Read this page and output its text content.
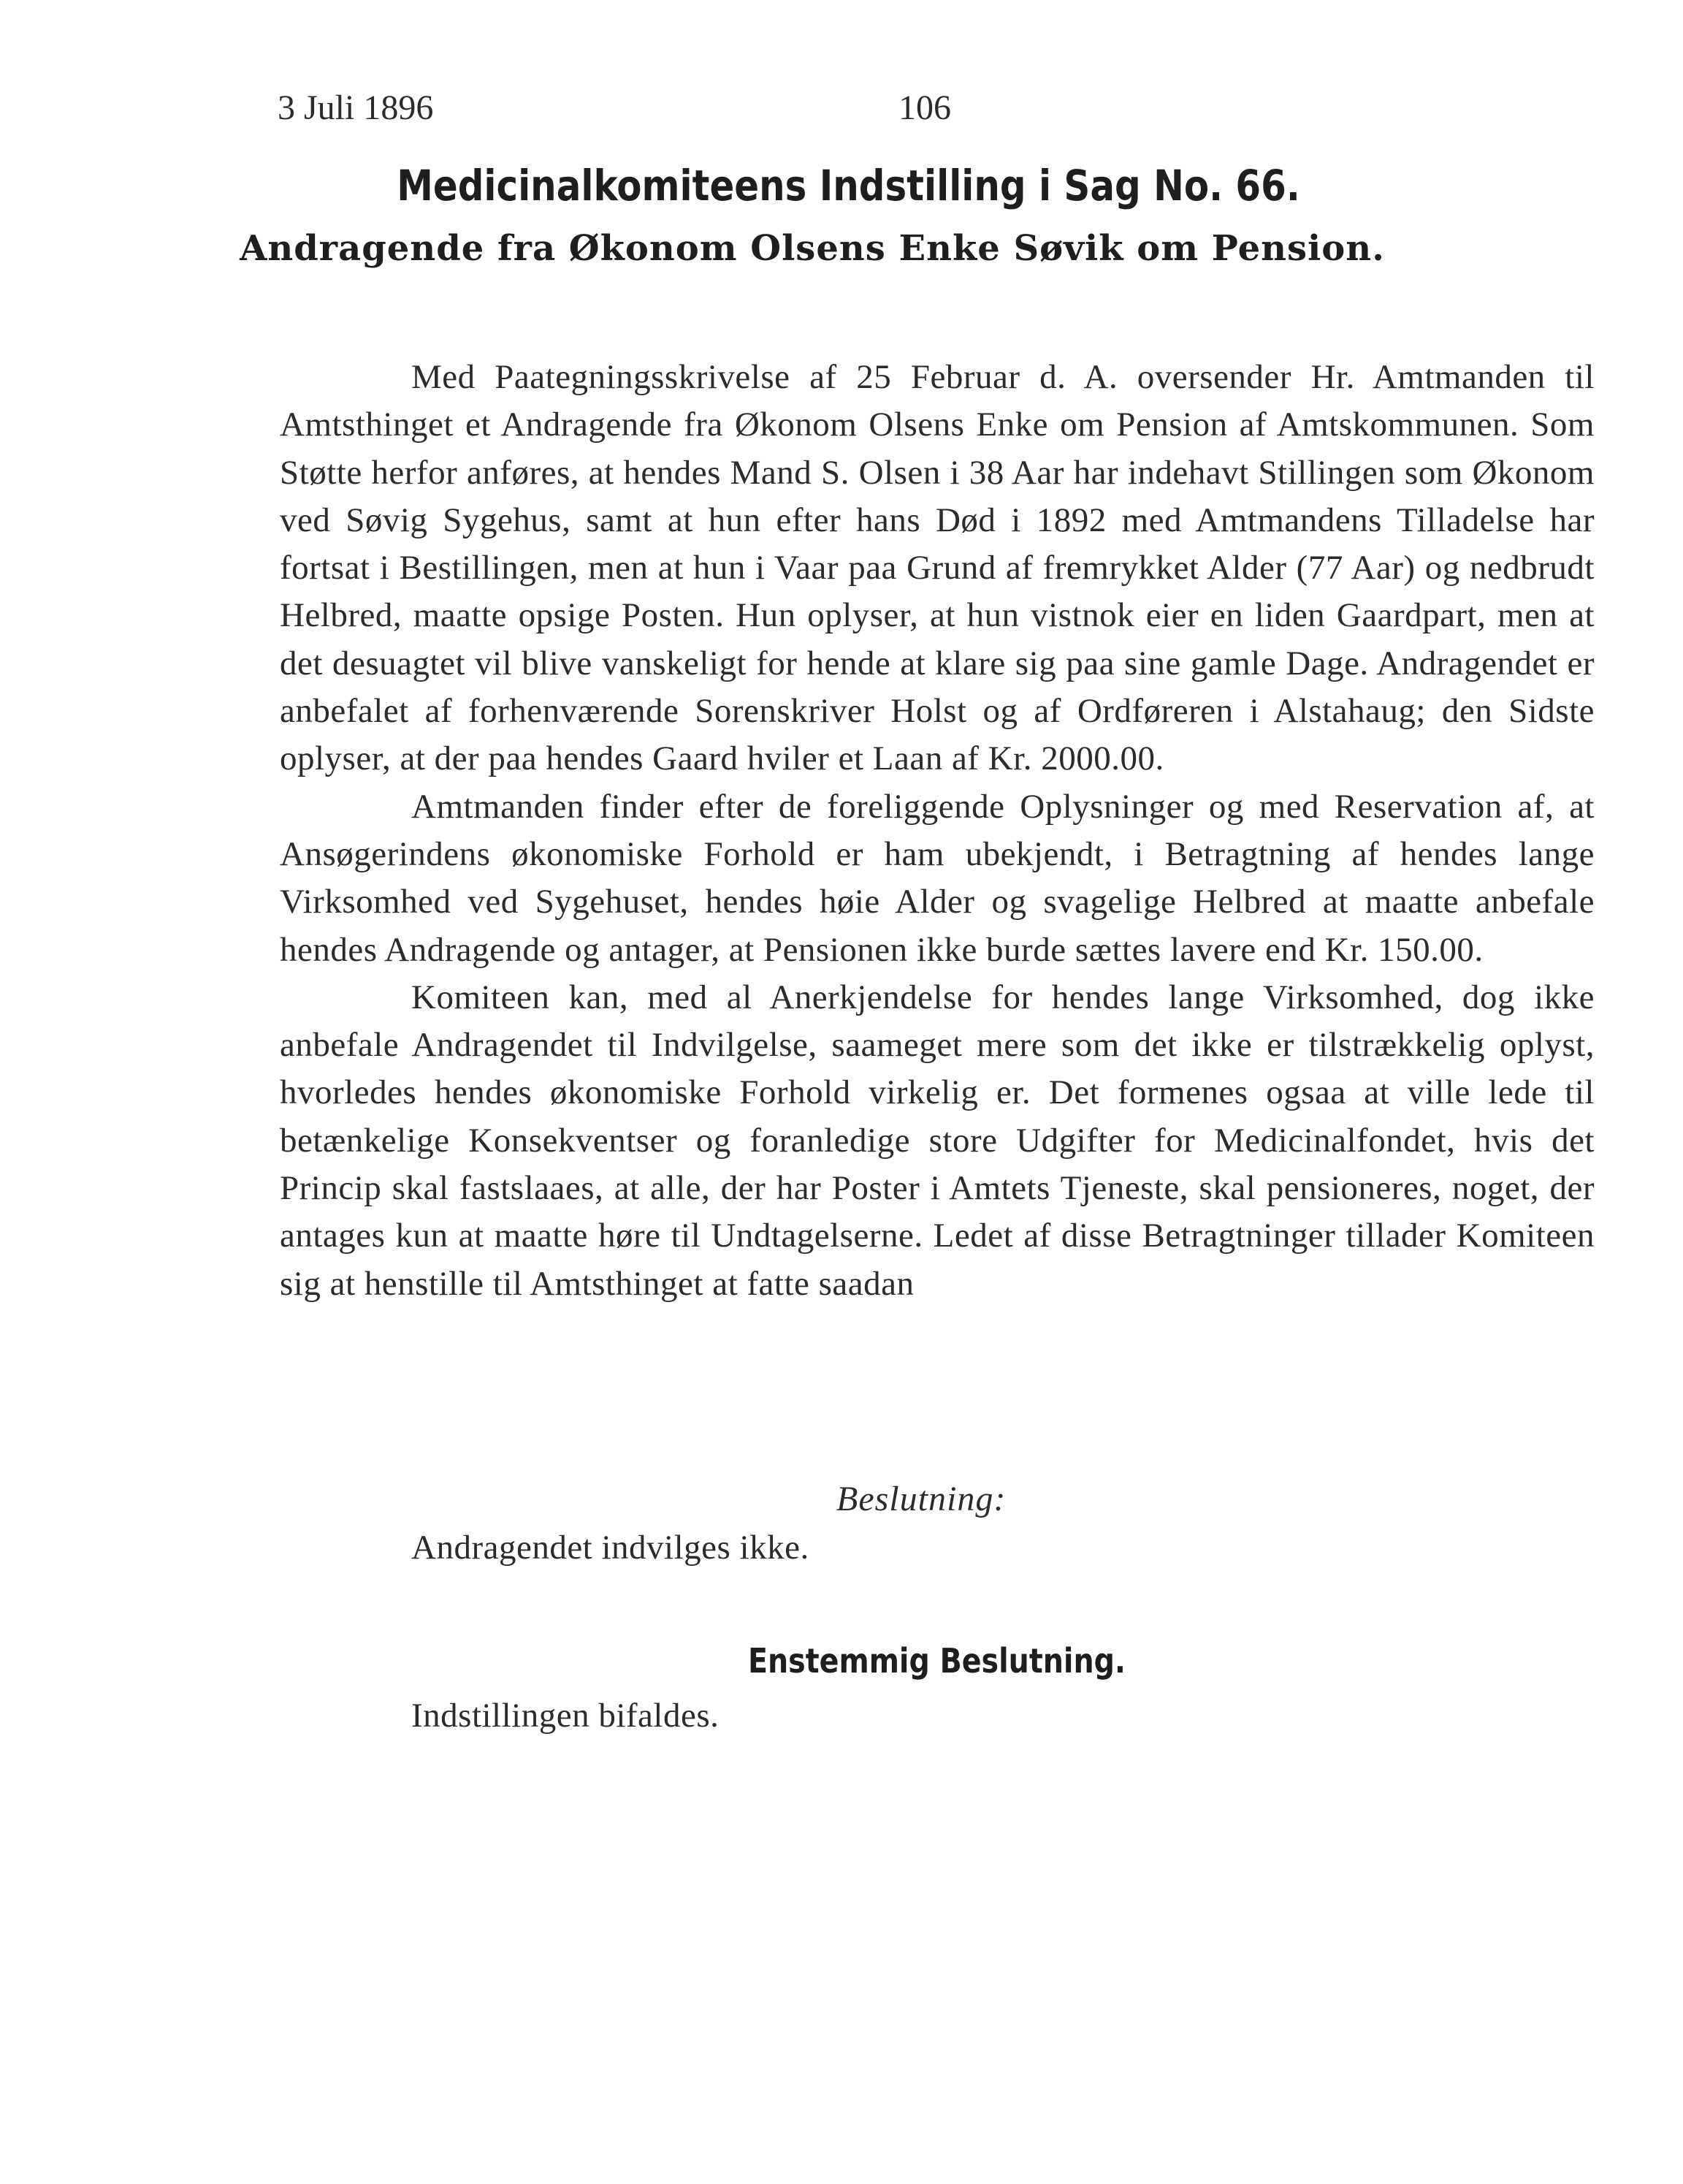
3 Juli 1896	106
Medicinalkomiteens Indstilling i Sag No. 66.
Andragende fra Økonom Olsens Enke Søvik om Pension.

Med Paategningsskrivelse af 25 Februar d. A. oversender Hr. Amtmanden til Amtsthinget et Andragende fra Økonom Olsens Enke om Pension af Amtskommunen. Som Støtte herfor anføres, at hendes Mand S. Olsen i 38 Aar har indehavt Stillingen som Økonom ved Søvig Sygehus, samt at hun efter hans Død i 1892 med Amtmandens Tilladelse har fortsat i Bestillingen, men at hun i Vaar paa Grund af fremrykket Alder (77 Aar) og nedbrudt Helbred, maatte opsige Posten. Hun oplyser, at hun vistnok eier en liden Gaardpart, men at det desuagtet vil blive vanskeligt for hende at klare sig paa sine gamle Dage. Andragendet er anbefalet af forhenværende Sorenskriver Holst og af Ordføreren i Alstahaug; den Sidste oplyser, at der paa hendes Gaard hviler et Laan af Kr. 2000.00.

Amtmanden finder efter de foreliggende Oplysninger og med Reservation af, at Ansøgerindens økonomiske Forhold er ham ubekjendt, i Betragtning af hendes lange Virksomhed ved Sygehuset, hendes høie Alder og svagelige Helbred at maatte anbefale hendes Andragende og antager, at Pensionen ikke burde sættes lavere end Kr. 150.00.

Komiteen kan, med al Anerkjendelse for hendes lange Virksomhed, dog ikke anbefale Andragendet til Indvilgelse, saameget mere som det ikke er tilstrækkelig oplyst, hvorledes hendes økonomiske Forhold virkelig er. Det formenes ogsaa at ville lede til betænkelige Konsekventser og foranledige store Udgifter for Medicinalfondet, hvis det Princip skal fastslaaes, at alle, der har Poster i Amtets Tjeneste, skal pensioneres, noget, der antages kun at maatte høre til Undtagelserne. Ledet af disse Betragtninger tillader Komiteen sig at henstille til Amtsthinget at fatte saadan

Beslutning:
Andragendet indvilges ikke.
Enstemmig Beslutning.
Indstillingen bifaldes.
